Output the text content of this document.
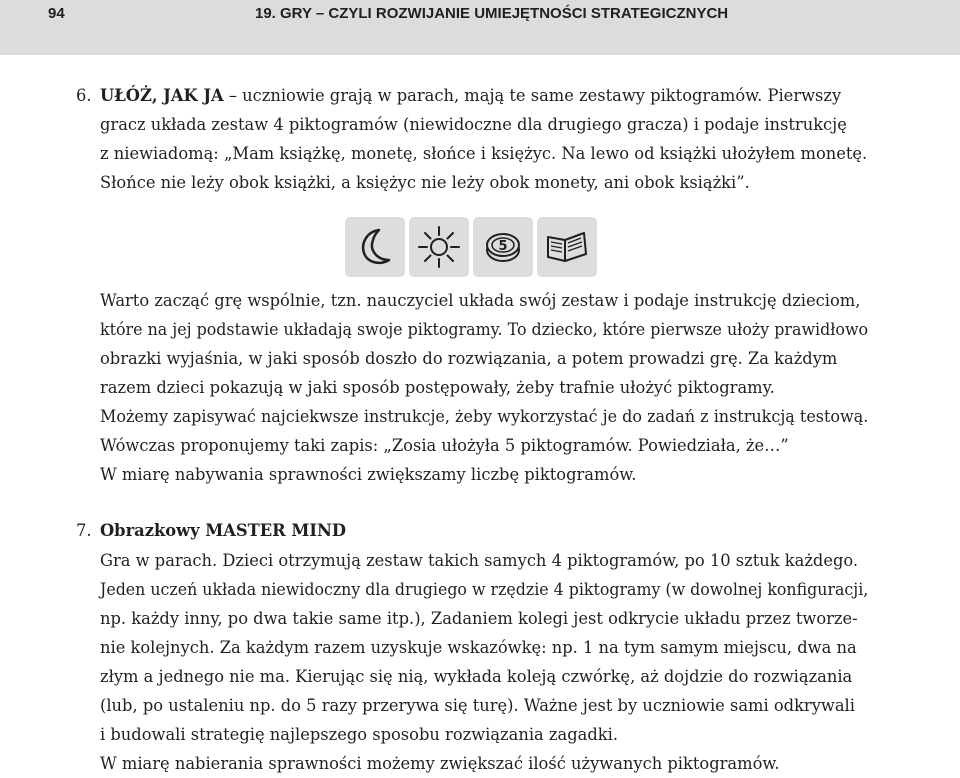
94	19. GRY – CZYLI ROZWIJANIE UMIEJĘTNOŚCI STRATEGICZNYCH
6. UŁÓŻ, JAK JA – uczniowie grają w parach, mają te same zestawy piktogramów. Pierwszy
gracz układa zestaw 4 piktogramów (niewidoczne dla drugiego gracza) i podaje instrukcję
z niewiadomą: „Mam książkę, monetę, słońce i księżyc. Na lewo od książki ułożyłem monetę.
Słońce nie leży obok książki, a księżyc nie leży obok monety, ani obok książki”.
5
Warto zacząć grę wspólnie, tzn. nauczyciel układa swój zestaw i podaje instrukcję dzieciom,
które na jej podstawie układają swoje piktogramy. To dziecko, które pierwsze ułoży prawidłowo
obrazki wyjaśnia, w jaki sposób doszło do rozwiązania, a potem prowadzi grę. Za każdym
razem dzieci pokazują w jaki sposób postępowały, żeby trafnie ułożyć piktogramy.
Możemy zapisywać najciekwsze instrukcje, żeby wykorzystać je do zadań z instrukcją testową.
Wówczas proponujemy taki zapis: „Zosia ułożyła 5 piktogramów. Powiedziała, że…”
W miarę nabywania sprawności zwiększamy liczbę piktogramów.
7. Obrazkowy MASTER MIND
Gra w parach. Dzieci otrzymują zestaw takich samych 4 piktogramów, po 10 sztuk każdego.
Jeden uczeń układa niewidoczny dla drugiego w rzędzie 4 piktogramy (w dowolnej konfiguracji,
np. każdy inny, po dwa takie same itp.), Zadaniem kolegi jest odkrycie układu przez tworze-
nie kolejnych. Za każdym razem uzyskuje wskazówkę: np. 1 na tym samym miejscu, dwa na
złym a jednego nie ma. Kierując się nią, wykłada koleją czwórkę, aż dojdzie do rozwiązania
(lub, po ustaleniu np. do 5 razy przerywa się turę). Ważne jest by uczniowie sami odkrywali
i budowali strategię najlepszego sposobu rozwiązania zagadki.
W miarę nabierania sprawności możemy zwiększać ilość używanych piktogramów.
